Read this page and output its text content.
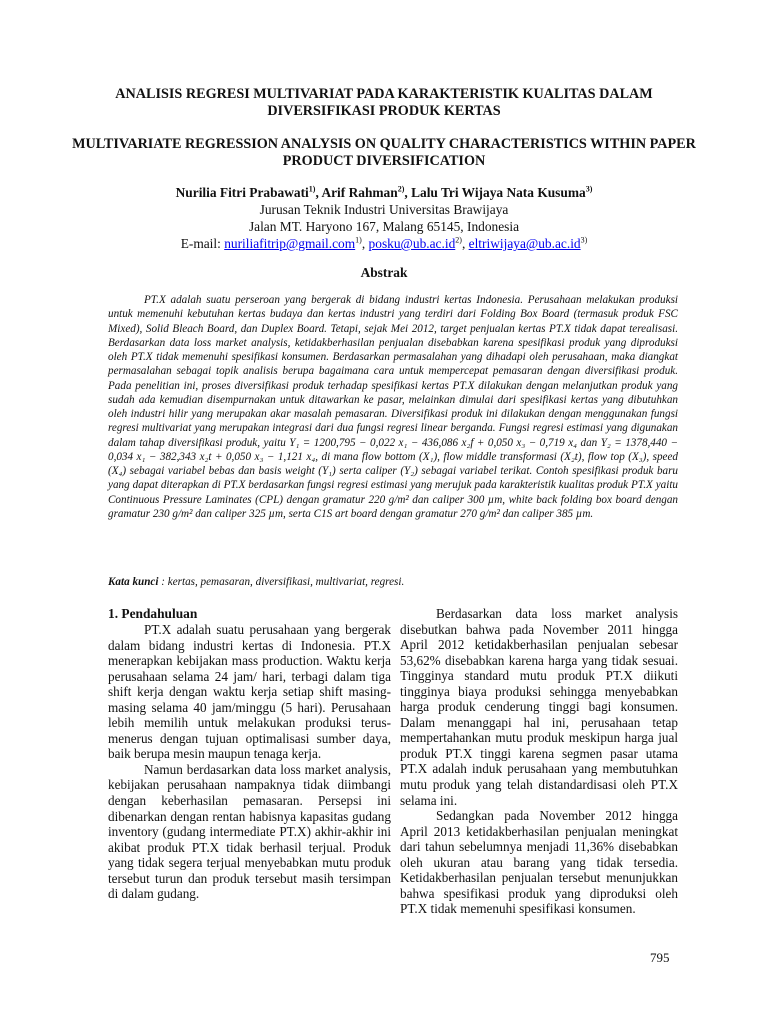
ANALISIS REGRESI MULTIVARIAT PADA KARAKTERISTIK KUALITAS DALAM DIVERSIFIKASI PRODUK KERTAS
MULTIVARIATE REGRESSION ANALYSIS ON QUALITY CHARACTERISTICS WITHIN PAPER PRODUCT DIVERSIFICATION
Nurilia Fitri Prabawati$^{1)}$, Arif Rahman$^{2)}$, Lalu Tri Wijaya Nata Kusuma$^{3)}$
Jurusan Teknik Industri Universitas Brawijaya
Jalan MT. Haryono 167, Malang 65145, Indonesia
E-mail: nuriliafitrip@gmail.com$^{1)}$, $posku@ub.ac.id^{2)}$, $eltriwijaya@ub.ac.id^{3)}$
Abstrak

PT.X adalah suatu perseroan yang bergerak di bidang industri kertas Indonesia. Perusahaan melakukan produksi untuk memenuhi kebutuhan kertas budaya dan kertas industri yang terdiri dari Folding Box Board (termasuk produk FSC Mixed), Solid Bleach Board, dan Duplex Board. Tetapi, sejak Mei 2012, target penjualan kertas PT.X tidak dapat terealisasi. Berdasarkan data loss market analysis, ketidakberhasilan penjualan disebabkan karena spesifikasi produk yang diproduksi oleh PT.X tidak memenuhi spesifikasi konsumen. Berdasarkan permasalahan yang dihadapi oleh perusahaan, maka diangkat permasalahan sebagai topik analisis berupa bagaimana cara untuk mempercepat pemasaran dengan diversifikasi produk. Pada penelitian ini, proses diversifikasi produk terhadap spesifikasi kertas PT.X dilakukan dengan melanjutkan produk yang sudah ada kemudian disempurnakan untuk ditawarkan ke pasar, melainkan dimulai dari spesifikasi kertas yang dibutuhkan oleh industri hilir yang merupakan akar masalah pemasaran. Diversifikasi produk ini dilakukan dengan menggunakan fungsi regresi multivariat yang merupakan integrasi dari dua fungsi regresi linear berganda. Fungsi regresi estimasi yang digunakan dalam tahap diversifikasi produk, yaitu Y₁ = 1200,795 − 0,022 x₁ − 436,086 x₂f + 0,050 x₃ − 0,719 x₄ dan Y₂ = 1378,440 − 0,034 x₁ − 382,343 x₂t + 0,050 x₃ − 1,121 x₄, di mana flow bottom (X₁), flow middle transformasi (X₂t), flow top (X₃), speed (X₄) sebagai variabel bebas dan basis weight (Y₁) serta caliper (Y₂) sebagai variabel terikat. Contoh spesifikasi produk baru yang dapat diterapkan di PT.X berdasarkan fungsi regresi estimasi yang merujuk pada karakteristik kualitas produk PT.X yaitu Continuous Pressure Laminates (CPL) dengan gramatur 220 g/m² dan caliper 300 µm, white back folding box board dengan gramatur 230 g/m² dan caliper 325 µm, serta C1S art board dengan gramatur 270 g/m² dan caliper 385 µm.

Kata kunci : kertas, pemasaran, diversifikasi, multivariat, regresi.
1. Pendahuluan

PT.X adalah suatu perusahaan yang bergerak dalam bidang industri kertas di Indonesia. PT.X menerapkan kebijakan mass production. Waktu kerja perusahaan selama 24 jam/ hari, terbagi dalam tiga shift kerja dengan waktu kerja setiap shift masing-masing selama 40 jam/minggu (5 hari). Perusahaan lebih memilih untuk melakukan produksi terus-menerus dengan tujuan optimalisasi sumber daya, baik berupa mesin maupun tenaga kerja.

Namun berdasarkan data loss market analysis, kebijakan perusahaan nampaknya tidak diimbangi dengan keberhasilan pemasaran. Persepsi ini dibenarkan dengan rentan habisnya kapasitas gudang inventory (gudang intermediate PT.X) akhir-akhir ini akibat produk PT.X tidak berhasil terjual. Produk yang tidak segera terjual menyebabkan mutu produk tersebut turun dan produk tersebut masih tersimpan di dalam gudang.

Berdasarkan data loss market analysis disebutkan bahwa pada November 2011 hingga April 2012 ketidakberhasilan penjualan sebesar 53,62% disebabkan karena harga yang tidak sesuai. Tingginya standard mutu produk PT.X diikuti tingginya biaya produksi sehingga menyebabkan harga produk cenderung tinggi bagi konsumen. Dalam menanggapi hal ini, perusahaan tetap mempertahankan mutu produk meskipun harga jual produk PT.X tinggi karena segmen pasar utama PT.X adalah induk perusahaan yang membutuhkan mutu produk yang telah distandardisasi oleh PT.X selama ini.

Sedangkan pada November 2012 hingga April 2013 ketidakberhasilan penjualan meningkat dari tahun sebelumnya menjadi 11,36% disebabkan oleh ukuran atau barang yang tidak tersedia. Ketidakberhasilan penjualan tersebut menunjukkan bahwa spesifikasi produk yang diproduksi oleh PT.X tidak memenuhi spesifikasi konsumen.

795
